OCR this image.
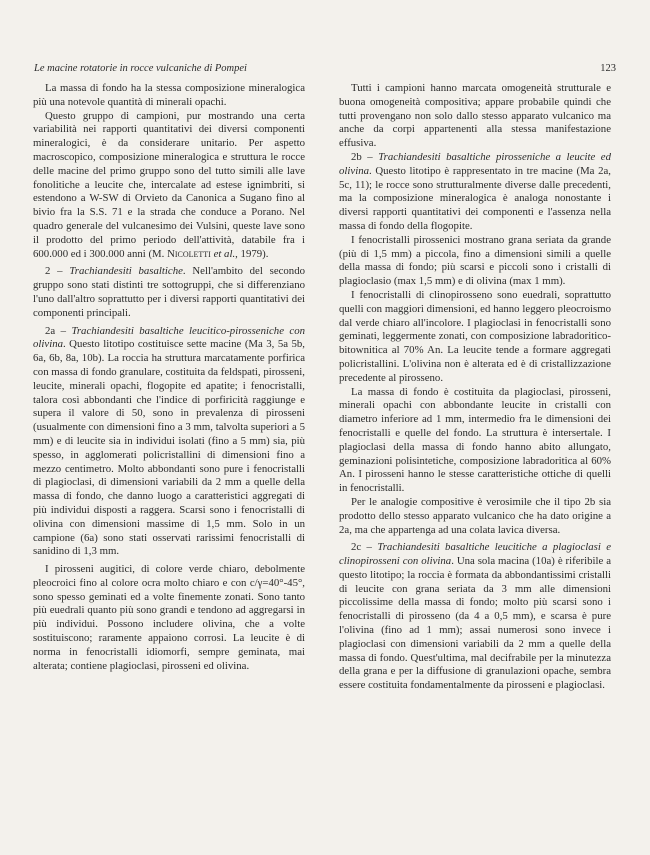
Le macine rotatorie in rocce vulcaniche di Pompei	123

La massa di fondo ha la stessa composizione mineralogica più una notevole quantità di minerali opachi.

Questo gruppo di campioni, pur mostrando una certa variabilità nei rapporti quantitativi dei diversi componenti mineralogici, è da considerare unitario. Per aspetto macroscopico, composizione mineralogica e struttura le rocce delle macine del primo gruppo sono del tutto simili alle lave fonolitiche a leucite che, intercalate ad estese ignimbriti, si estendono a W-SW di Orvieto da Canonica a Sugano fino al bivio fra la S.S. 71 e la strada che conduce a Porano. Nel quadro generale del vulcanesimo dei Vulsini, queste lave sono il prodotto del primo periodo dell'attività, databile fra i 600.000 ed i 300.000 anni (M. Nicoletti et al., 1979).

2 – Trachiandesiti basaltiche. Nell'ambito del secondo gruppo sono stati distinti tre sottogruppi, che si differenziano l'uno dall'altro soprattutto per i diversi rapporti quantitativi dei componenti principali.

2a – Trachiandesiti basaltiche leucitico-pirosseniche con olivina. Questo litotipo costituisce sette macine (Ma 3, 5a 5b, 6a, 6b, 8a, 10b). La roccia ha struttura marcatamente porfirica con massa di fondo granulare, costituita da feldspati, pirosseni, leucite, minerali opachi, flogopite ed apatite; i fenocristalli, talora così abbondanti che l'indice di porfiricità raggiunge e supera il valore di 50, sono in prevalenza di pirosseni (usualmente con dimensioni fino a 3 mm, talvolta superiori a 5 mm) e di leucite sia in individui isolati (fino a 5 mm) sia, più spesso, in agglomerati policristallini di dimensioni fino a mezzo centimetro. Molto abbondanti sono pure i fenocristalli di plagioclasi, di dimensioni variabili da 2 mm a quelle della massa di fondo, che danno luogo a caratteristici aggregati di più individui disposti a raggera. Scarsi sono i fenocristalli di olivina con dimensioni massime di 1,5 mm. Solo in un campione (6a) sono stati osservati rarissimi fenocristalli di sanidino di 1,3 mm.

I pirosseni augitici, di colore verde chiaro, debolmente pleocroici fino al colore ocra molto chiaro e con c/γ=40°-45°, sono spesso geminati ed a volte finemente zonati. Sono tanto più euedrali quanto più sono grandi e tendono ad aggregarsi in più individui. Possono includere olivina, che a volte sostituiscono; raramente appaiono corrosi. La leucite è di norma in fenocristalli idiomorfi, sempre geminata, mai alterata; contiene plagioclasi, pirosseni ed olivina.

Tutti i campioni hanno marcata omogeneità strutturale e buona omogeneità compositiva; appare probabile quindi che tutti provengano non solo dallo stesso apparato vulcanico ma anche da corpi appartenenti alla stessa manifestazione effusiva.

2b – Trachiandesiti basaltiche pirosseniche a leucite ed olivina. Questo litotipo è rappresentato in tre macine (Ma 2a, 5c, 11); le rocce sono strutturalmente diverse dalle precedenti, ma la composizione mineralogica è analoga nonostante i diversi rapporti quantitativi dei componenti e l'assenza nella massa di fondo della flogopite.

I fenocristalli pirossenici mostrano grana seriata da grande (più di 1,5 mm) a piccola, fino a dimensioni simili a quelle della massa di fondo; più scarsi e piccoli sono i cristalli di plagioclasio (max 1,5 mm) e di olivina (max 1 mm).

I fenocristalli di clinopirosseno sono euedrali, soprattutto quelli con maggiori dimensioni, ed hanno leggero pleocroismo dal verde chiaro all'incolore. I plagioclasi in fenocristalli sono geminati, leggermente zonati, con composizione labradoritico-bitownitica al 70% An. La leucite tende a formare aggregati policristallini. L'olivina non è alterata ed è di cristallizzazione precedente al pirosseno.

La massa di fondo è costituita da plagioclasi, pirosseni, minerali opachi con abbondante leucite in cristalli con diametro inferiore ad 1 mm, intermedio fra le dimensioni dei fenocristalli e quelle del fondo. La struttura è intersertale. I plagioclasi della massa di fondo hanno abito allungato, geminazioni polisintetiche, composizione labradoritica al 60% An. I pirosseni hanno le stesse caratteristiche ottiche di quelli in fenocristalli.

Per le analogie compositive è verosimile che il tipo 2b sia prodotto dello stesso apparato vulcanico che ha dato origine a 2a, ma che appartenga ad una colata lavica diversa.

2c – Trachiandesiti basaltiche leucitiche a plagioclasi e clinopirosseni con olivina. Una sola macina (10a) è riferibile a questo litotipo; la roccia è formata da abbondantissimi cristalli di leucite con grana seriata da 3 mm alle dimensioni piccolissime della massa di fondo; molto più scarsi sono i fenocristalli di pirosseno (da 4 a 0,5 mm), e scarsa è pure l'olivina (fino ad 1 mm); assai numerosi sono invece i plagioclasi con dimensioni variabili da 2 mm a quelle della massa di fondo. Quest'ultima, mal decifrabile per la minutezza della grana e per la diffusione di granulazioni opache, sembra essere costituita fondamentalmente da pirosseni e plagioclasi.
